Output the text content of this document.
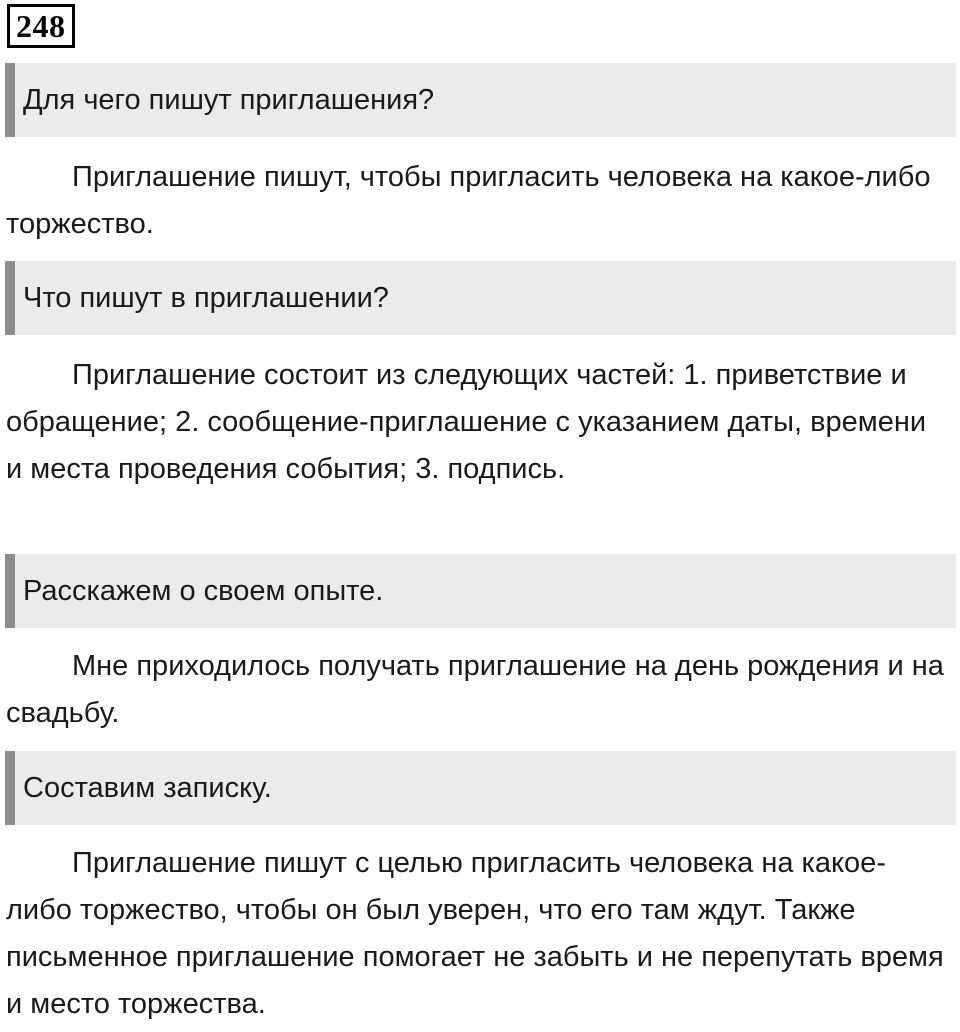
248
Для чего пишут приглашения?

Приглашение пишут, чтобы пригласить человека на какое-либо торжество.

Что пишут в приглашении?

Приглашение состоит из следующих частей: 1. приветствие и обращение; 2. сообщение-приглашение с указанием даты, времени и места проведения события; 3. подпись.

Расскажем о своем опыте.

Мне приходилось получать приглашение на день рождения и на свадьбу.

Составим записку.

Приглашение пишут с целью пригласить человека на какое-либо торжество, чтобы он был уверен, что его там ждут. Также письменное приглашение помогает не забыть и не перепутать время и место торжества.
